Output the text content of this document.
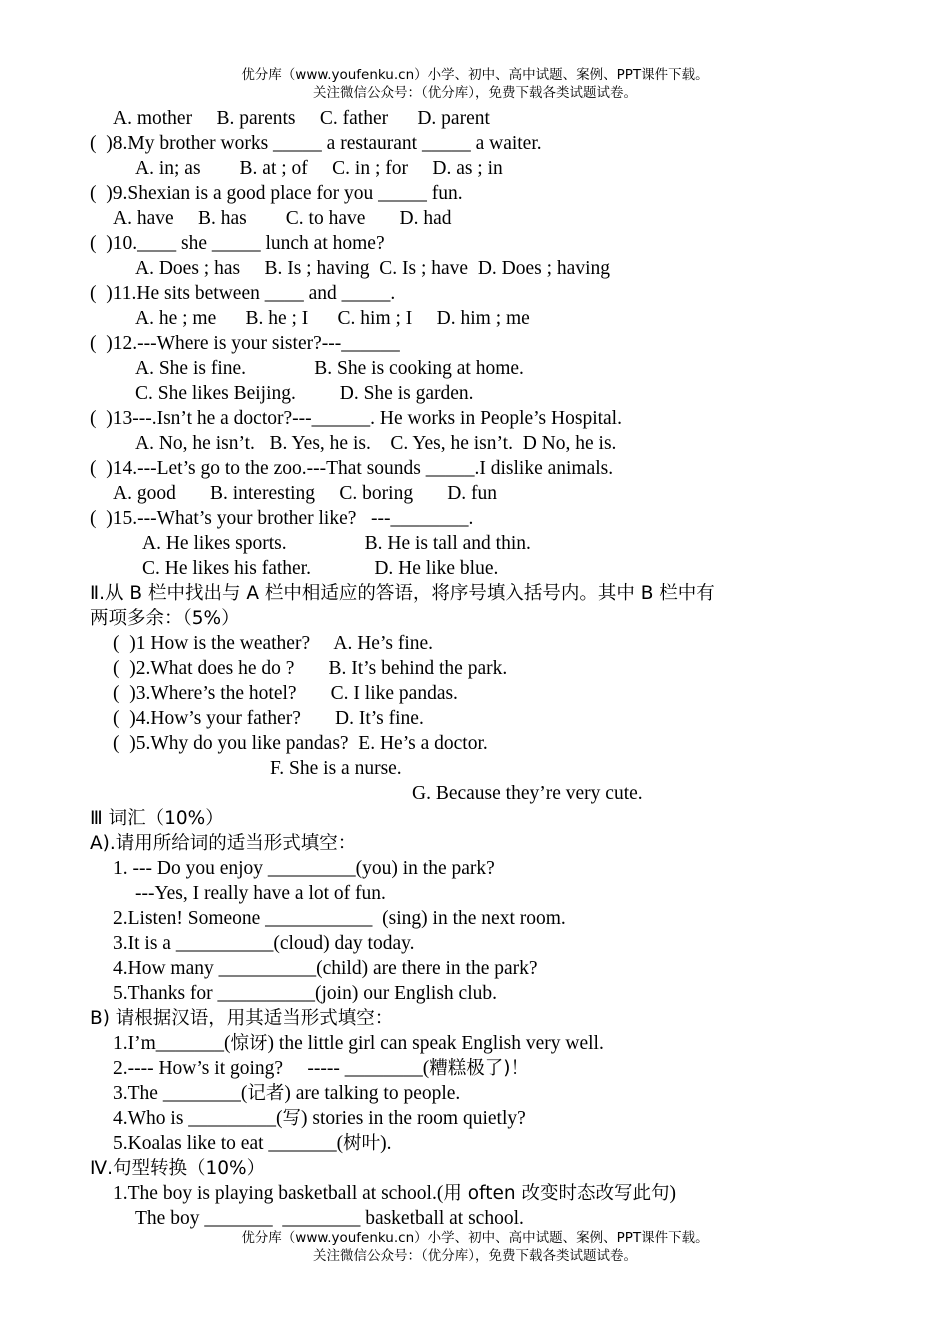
优分库（www.youfenku.cn）小学、初中、高中试题、案例、PPT课件下载。
关注微信公众号：（优分库），免费下载各类试题试卷。
A. mother     B. parents     C. father      D. parent
(  )8.My brother works _____ a restaurant _____ a waiter.
A. in; as        B. at ; of     C. in ; for     D. as ; in
(  )9.Shexian is a good place for you _____ fun.
A. have     B. has        C. to have       D. had
(  )10.____ she _____ lunch at home?
A. Does ; has     B. Is ; having  C. Is ; have  D. Does ; having
(  )11.He sits between ____ and _____.
A. he ; me      B. he ; I      C. him ; I     D. him ; me
(  )12.---Where is your sister?---______
A. She is fine.              B. She is cooking at home.
C. She likes Beijing.         D. She is garden.
(  )13---.Isn’t he a doctor?---______. He works in People’s Hospital.
A. No, he isn’t.   B. Yes, he is.    C. Yes, he isn’t.  D No, he is.
(  )14.---Let’s go to the zoo.---That sounds _____.I dislike animals.
A. good       B. interesting     C. boring       D. fun
(  )15.---What’s your brother like?   ---________.
A. He likes sports.                B. He is tall and thin.
C. He likes his father.             D. He like blue.
Ⅱ.从 B 栏中找出与 A 栏中相适应的答语，将序号填入括号内。其中 B 栏中有
两项多余：（5%）
(  )1 How is the weather?     A. He’s fine.
(  )2.What does he do ?       B. It’s behind the park.
(  )3.Where’s the hotel?       C. I like pandas.
(  )4.How’s your father?       D. It’s fine.
(  )5.Why do you like pandas?  E. He’s a doctor.
F. She is a nurse.
G. Because they’re very cute.
Ⅲ 词汇（10%）
A).请用所给词的适当形式填空：
1. --- Do you enjoy _________(you) in the park?
---Yes, I really have a lot of fun.
2.Listen! Someone ___________  (sing) in the next room.
3.It is a __________(cloud) day today.
4.How many __________(child) are there in the park?
5.Thanks for __________(join) our English club.
B) 请根据汉语，用其适当形式填空：
1.I’m_______(惊讶) the little girl can speak English very well.
2.---- How’s it going?     ----- ________(糟糕极了)！
3.The ________(记者) are talking to people.
4.Who is _________(写) stories in the room quietly?
5.Koalas like to eat _______(树叶).
Ⅳ.句型转换（10%）
1.The boy is playing basketball at school.(用 often 改变时态改写此句)
The boy _______  ________ basketball at school.
优分库（www.youfenku.cn）小学、初中、高中试题、案例、PPT课件下载。
关注微信公众号：（优分库），免费下载各类试题试卷。
